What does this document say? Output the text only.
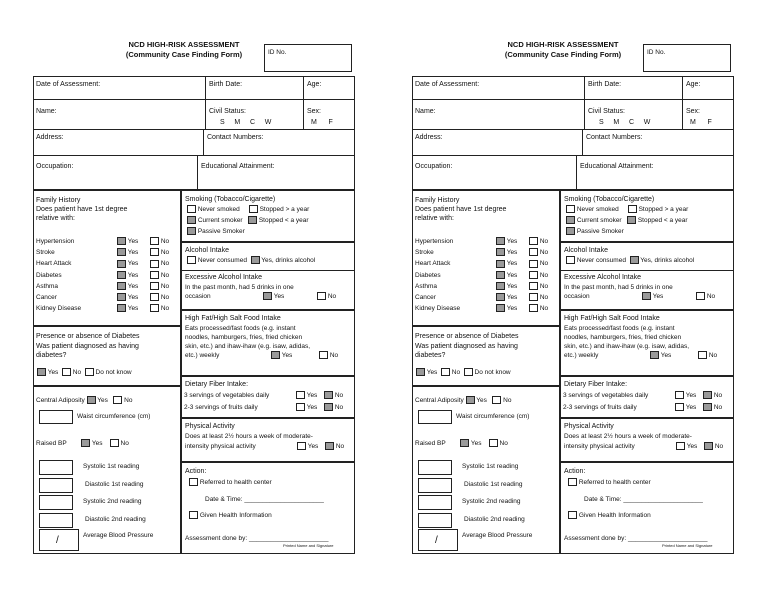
NCD HIGH-RISK ASSESSMENT
(Community Case Finding Form)	ID No.
Date of Assessment:	Birth Date:	Age:
Name:	Civil Status:
S     M     C     W
Sex:
M      F
Address:	Contact Numbers:
Occupation:	Educational Attainment:
Family History
Does patient have 1st degree
relative with:
Hypertension	Yes	No
Stroke	Yes	No
Heart Attack	Yes	No
Diabetes	Yes	No
Asthma	Yes	No
Cancer	Yes	No
Kidney Disease	Yes	No
Presence or absence of Diabetes
Was patient diagnosed as having
diabetes?
Yes No Do not know
Central Adiposity Yes No
Waist circumference (cm)
Raised BP	Yes	No
Systolic 1st reading
Diastolic 1st reading
Systolic 2nd reading
Diastolic 2nd reading
/	Average Blood Pressure
Smoking (Tobacco/Cigarette)
Never smoked	Stopped > a year
Current smoker Stopped < a year
Passive Smoker
Alcohol Intake
Never consumed Yes, drinks alcohol
Excessive Alcohol Intake
In the past month, had 5 drinks in one
occasion	Yes	No
High Fat/High Salt Food Intake
Eats processed/fast foods (e.g. instant
noodles, hamburgers, fries, fried chicken
skin, etc.) and ihaw-ihaw (e.g. isaw, adidas,
etc.) weekly	Yes	No
Dietary Fiber Intake:
3 servings of vegetables daily	Yes	No
2-3 servings of fruits daily	Yes	No
Physical Activity
Does at least 2½ hours a week of moderate-
intensity physical activity	Yes	No
Action:
Referred to health center
Date & Time: ______________________
Given Health Information
Assessment done by: ______________________
Printed Name and Signature
NCD HIGH-RISK ASSESSMENT
(Community Case Finding Form)	ID No.
Date of Assessment:	Birth Date:	Age:
Name:	Civil Status:
S     M     C     W
Sex:
M      F
Address:	Contact Numbers:
Occupation:	Educational Attainment:
Family History
Does patient have 1st degree
relative with:
Hypertension	Yes	No
Stroke	Yes	No
Heart Attack	Yes	No
Diabetes	Yes	No
Asthma	Yes	No
Cancer	Yes	No
Kidney Disease	Yes	No
Presence or absence of Diabetes
Was patient diagnosed as having
diabetes?
Yes No Do not know
Central Adiposity Yes No
Waist circumference (cm)
Raised BP	Yes	No
Systolic 1st reading
Diastolic 1st reading
Systolic 2nd reading
Diastolic 2nd reading
/	Average Blood Pressure
Smoking (Tobacco/Cigarette)
Never smoked	Stopped > a year
Current smoker Stopped < a year
Passive Smoker
Alcohol Intake
Never consumed Yes, drinks alcohol
Excessive Alcohol Intake
In the past month, had 5 drinks in one
occasion	Yes	No
High Fat/High Salt Food Intake
Eats processed/fast foods (e.g. instant
noodles, hamburgers, fries, fried chicken
skin, etc.) and ihaw-ihaw (e.g. isaw, adidas,
etc.) weekly	Yes	No
Dietary Fiber Intake:
3 servings of vegetables daily	Yes	No
2-3 servings of fruits daily	Yes	No
Physical Activity
Does at least 2½ hours a week of moderate-
intensity physical activity	Yes	No
Action:
Referred to health center
Date & Time: ______________________
Given Health Information
Assessment done by: ______________________
Printed Name and Signature
